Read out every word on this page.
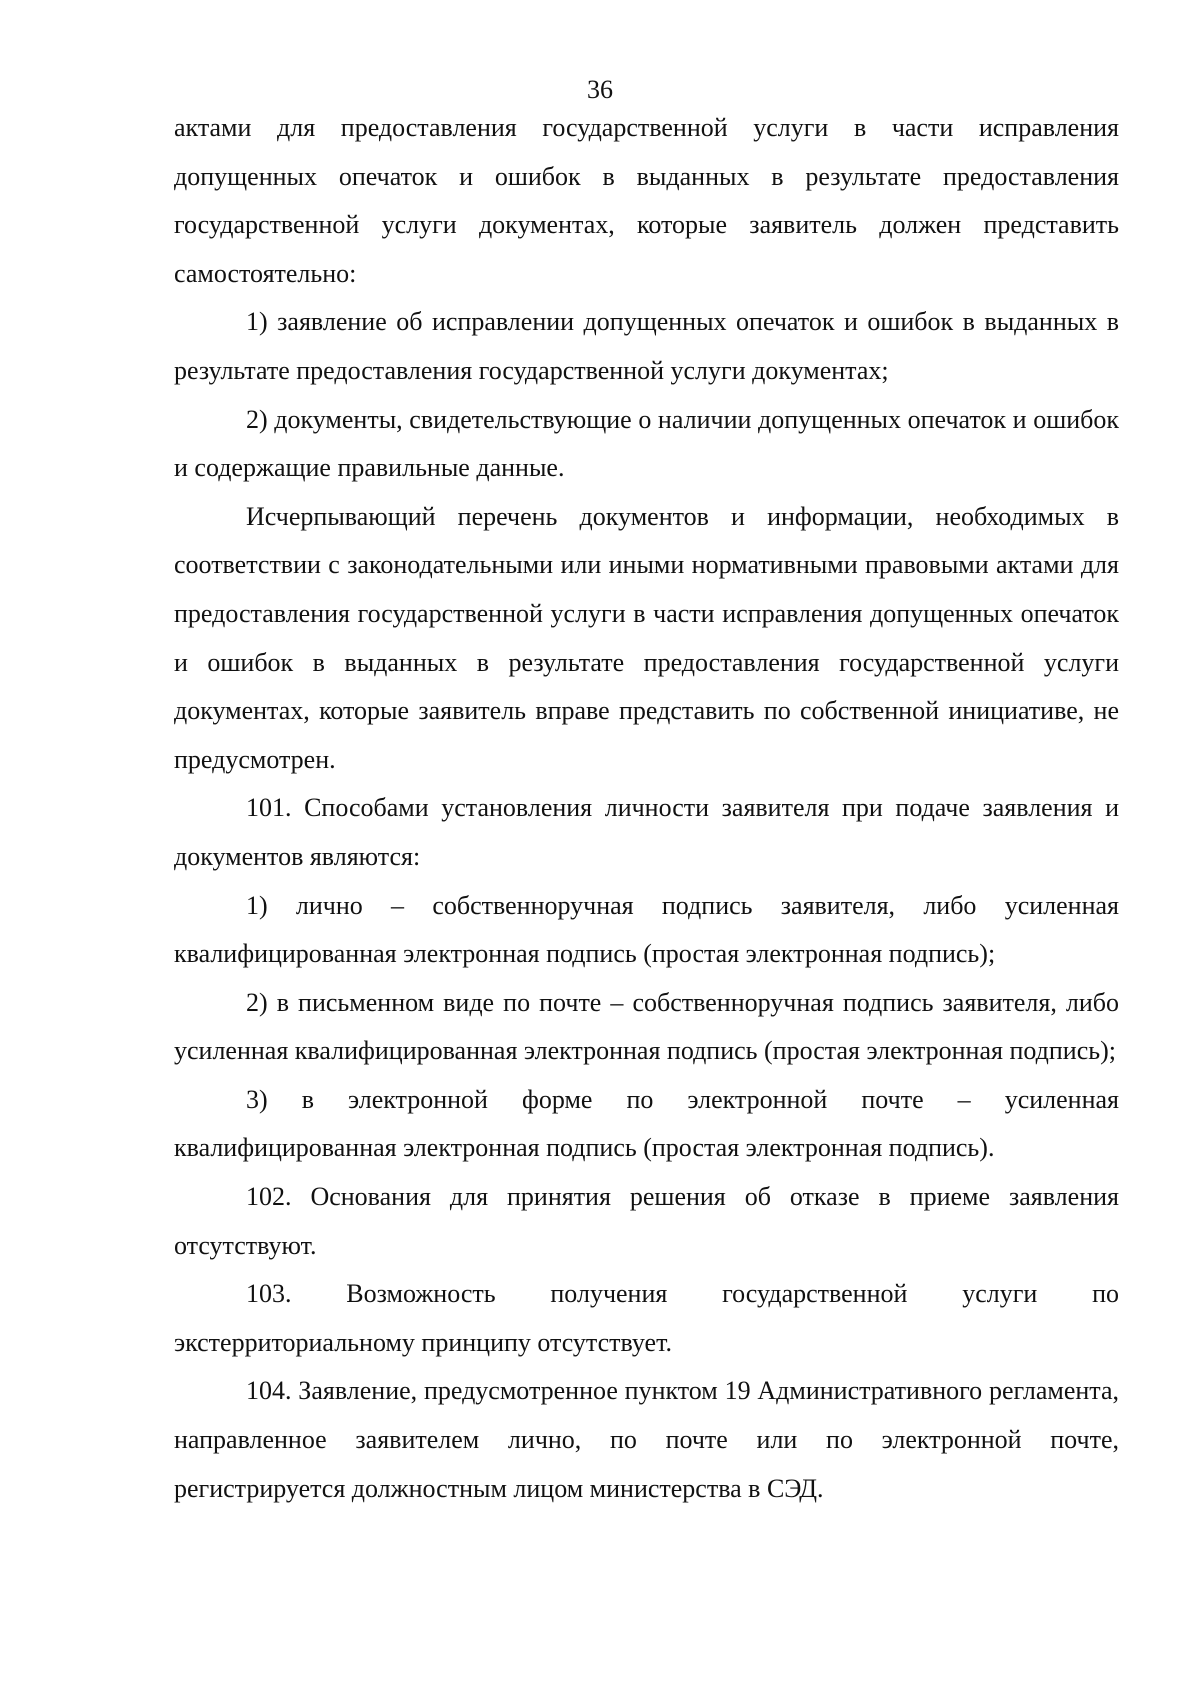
36

актами для предоставления государственной услуги в части исправления допущенных опечаток и ошибок в выданных в результате предоставления государственной услуги документах, которые заявитель должен представить самостоятельно:

1) заявление об исправлении допущенных опечаток и ошибок в выданных в результате предоставления государственной услуги документах;

2) документы, свидетельствующие о наличии допущенных опечаток и ошибок и содержащие правильные данные.

Исчерпывающий перечень документов и информации, необходимых в соответствии с законодательными или иными нормативными правовыми актами для предоставления государственной услуги в части исправления допущенных опечаток и ошибок в выданных в результате предоставления государственной услуги документах, которые заявитель вправе представить по собственной инициативе, не предусмотрен.

101. Способами установления личности заявителя при подаче заявления и документов являются:

1) лично – собственноручная подпись заявителя, либо усиленная квалифицированная электронная подпись (простая электронная подпись);

2) в письменном виде по почте – собственноручная подпись заявителя, либо усиленная квалифицированная электронная подпись (простая электронная подпись);

3) в электронной форме по электронной почте – усиленная квалифицированная электронная подпись (простая электронная подпись).

102. Основания для принятия решения об отказе в приеме заявления отсутствуют.

103. Возможность получения государственной услуги по экстерриториальному принципу отсутствует.

104. Заявление, предусмотренное пунктом 19 Административного регламента, направленное заявителем лично, по почте или по электронной почте, регистрируется должностным лицом министерства в СЭД.
